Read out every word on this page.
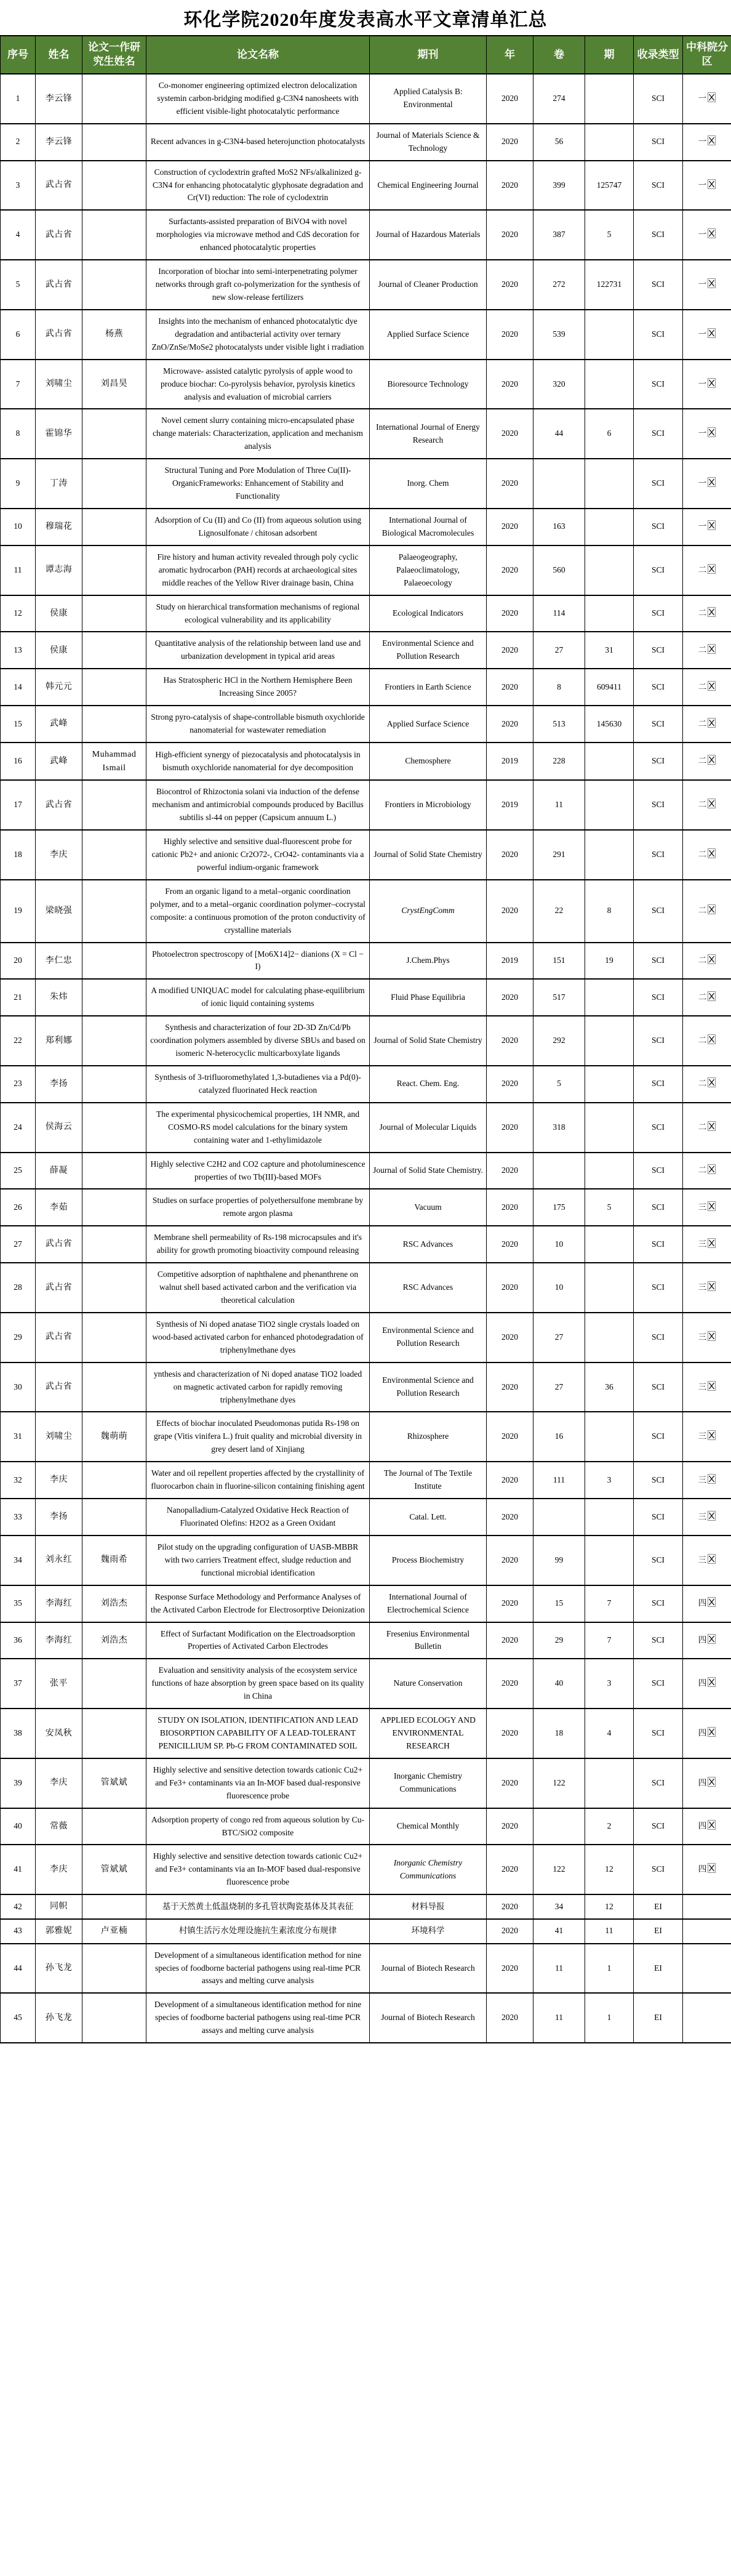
环化学院2020年度发表高水平文章清单汇总
序号	姓名	论文一作研究生姓名	论文名称	期刊	年	卷	期	收录类型	中科院分区
1	李云锋		Co-monomer engineering optimized electron delocalization systemin carbon-bridging modified g-C3N4 nanosheets with efficient visible-light photocatalytic performance	Applied Catalysis B: Environmental	2020	274		SCI	一
2	李云锋		Recent advances in g-C3N4-based heterojunction photocatalysts	Journal of Materials Science & Technology	2020	56		SCI	一
3	武占省		Construction of cyclodextrin grafted MoS2 NFs/alkalinized g-C3N4 for enhancing photocatalytic glyphosate degradation and Cr(VI) reduction: The role of cyclodextrin	Chemical Engineering Journal	2020	399	125747	SCI	一
4	武占省		Surfactants-assisted preparation of BiVO4 with novel morphologies via microwave method and CdS decoration for enhanced photocatalytic properties	Journal of Hazardous Materials	2020	387	5	SCI	一
5	武占省		Incorporation of biochar into semi-interpenetrating polymer networks through graft co-polymerization for the synthesis of new slow-release fertilizers	Journal of Cleaner Production	2020	272	122731	SCI	一
6	武占省	杨燕	Insights into the mechanism of enhanced photocatalytic dye degradation and antibacterial activity over ternary ZnO/ZnSe/MoSe2 photocatalysts under visible light i rradiation	Applied Surface Science	2020	539		SCI	一
7	刘啸尘	刘昌昊	Microwave- assisted catalytic pyrolysis of apple wood to produce biochar: Co-pyrolysis behavior, pyrolysis kinetics analysis and evaluation of microbial carriers	Bioresource Technology	2020	320		SCI	一
8	霍锦华		Novel cement slurry containing micro-encapsulated phase change materials: Characterization, application and mechanism analysis	International Journal of Energy Research	2020	44	6	SCI	一
9	丁涛		Structural Tuning and Pore Modulation of Three Cu(II)-OrganicFrameworks: Enhancement of Stability and Functionality	Inorg. Chem	2020			SCI	一
10	穆瑞花		Adsorption of Cu (II) and Co (II) from aqueous solution using Lignosulfonate / chitosan adsorbent	International Journal of Biological Macromolecules	2020	163		SCI	一
11	谭志海		Fire history and human activity revealed through poly cyclic aromatic hydrocarbon (PAH) records at archaeological sites middle reaches of the Yellow River drainage basin, China	Palaeogeography, Palaeoclimatology, Palaeoecology	2020	560		SCI	二
12	侯康		Study on hierarchical transformation mechanisms of regional ecological vulnerability and its applicability	Ecological Indicators	2020	114		SCI	二
13	侯康		Quantitative analysis of the relationship between land use and urbanization development in typical arid areas	Environmental Science and Pollution Research	2020	27	31	SCI	二
14	韩元元		Has Stratospheric HCl in the Northern Hemisphere Been Increasing Since 2005?	Frontiers in Earth Science	2020	8	609411	SCI	二
15	武峰		Strong pyro-catalysis of shape-controllable bismuth oxychloride nanomaterial for wastewater remediation	Applied Surface Science	2020	513	145630	SCI	二
16	武峰	Muhammad Ismail	High-efficient synergy of piezocatalysis and photocatalysis in bismuth oxychloride nanomaterial for dye decomposition	Chemosphere	2019	228		SCI	二
17	武占省		Biocontrol of Rhizoctonia solani via induction of the defense mechanism and antimicrobial compounds produced by Bacillus subtilis sl-44 on pepper (Capsicum annuum L.)	Frontiers in Microbiology	2019	11		SCI	二
18	李庆		Highly selective and sensitive dual-fluorescent probe for cationic Pb2+ and anionic Cr2O72-, CrO42- contaminants via a powerful indium-organic framework	Journal of Solid State Chemistry	2020	291		SCI	二
19	梁晓强		From an organic ligand to a metal–organic coordination polymer, and to a metal–organic coordination polymer–cocrystal composite: a continuous promotion of the proton conductivity of crystalline materials	CrystEngComm	2020	22	8	SCI	二
20	李仁忠		Photoelectron spectroscopy of [Mo6X14]2− dianions (X = Cl − I)	J.Chem.Phys	2019	151	19	SCI	二
21	朱炜		A modified UNIQUAC model for calculating phase-equilibrium of ionic liquid containing systems	Fluid Phase Equilibria	2020	517		SCI	二
22	郑利娜		Synthesis and characterization of four 2D-3D Zn/Cd/Pb coordination polymers assembled by diverse SBUs and based on isomeric N-heterocyclic multicarboxylate ligands	Journal of Solid State Chemistry	2020	292		SCI	二
23	李扬		Synthesis of 3-trifluoromethylated 1,3-butadienes via a Pd(0)-catalyzed fluorinated Heck reaction	React. Chem. Eng.	2020	5		SCI	二
24	侯海云		The experimental physicochemical properties, 1H NMR, and COSMO-RS model calculations for the binary system containing water and 1-ethylimidazole	Journal of Molecular Liquids	2020	318		SCI	二
25	薛凝		Highly selective C2H2 and CO2 capture and photoluminescence properties of two Tb(III)-based MOFs	Journal of Solid State Chemistry.	2020			SCI	二
26	李茹		Studies on surface properties of polyethersulfone membrane by remote argon plasma	Vacuum	2020	175	5	SCI	三
27	武占省		Membrane shell permeability of Rs-198 microcapsules and it's ability for growth promoting bioactivity compound releasing	RSC Advances	2020	10		SCI	三
28	武占省		Competitive adsorption of naphthalene and phenanthrene on walnut shell based activated carbon and the verification via theoretical calculation	RSC Advances	2020	10		SCI	三
29	武占省		Synthesis of Ni doped anatase TiO2 single crystals loaded on wood-based activated carbon for enhanced photodegradation of triphenylmethane dyes	Environmental Science and Pollution Research	2020	27		SCI	三
30	武占省		ynthesis and characterization of Ni doped anatase TiO2 loaded on magnetic activated carbon for rapidly removing triphenylmethane dyes	Environmental Science and Pollution Research	2020	27	36	SCI	三
31	刘啸尘	魏萌萌	Effects of biochar inoculated Pseudomonas putida Rs-198 on grape (Vitis vinifera L.) fruit quality and microbial diversity in grey desert land of Xinjiang	Rhizosphere	2020	16		SCI	三
32	李庆		Water and oil repellent properties affected by the crystallinity of fluorocarbon chain in fluorine-silicon containing finishing agent	The Journal of The Textile Institute	2020	111	3	SCI	三
33	李扬		Nanopalladium-Catalyzed Oxidative Heck Reaction of Fluorinated Olefins: H2O2 as a Green Oxidant	Catal. Lett.	2020			SCI	三
34	刘永红	魏雨希	Pilot study on the upgrading configuration of UASB-MBBR with two carriers Treatment effect, sludge reduction and functional microbial identification	Process Biochemistry	2020	99		SCI	三
35	李海红	刘浩杰	Response Surface Methodology and Performance Analyses of the Activated Carbon Electrode for Electrosorptive Deionization	International Journal of Electrochemical Science	2020	15	7	SCI	四
36	李海红	刘浩杰	Effect of Surfactant Modification on the Electroadsorption Properties of Activated Carbon Electrodes	Fresenius Environmental Bulletin	2020	29	7	SCI	四
37	张平		Evaluation and sensitivity analysis of the ecosystem service functions of haze absorption by green space based on its quality in China	Nature Conservation	2020	40	3	SCI	四
38	安凤秋		STUDY ON ISOLATION, IDENTIFICATION AND LEAD BIOSORPTION CAPABILITY OF A LEAD-TOLERANT PENICILLIUM SP. Pb-G FROM CONTAMINATED SOIL	APPLIED ECOLOGY AND ENVIRONMENTAL RESEARCH	2020	18	4	SCI	四
39	李庆	管斌斌	Highly selective and sensitive detection towards cationic Cu2+ and Fe3+ contaminants via an In-MOF based dual-responsive fluorescence probe	Inorganic Chemistry Communications	2020	122		SCI	四
40	常薇		Adsorption property of congo red from aqueous solution by Cu-BTC/SiO2 composite	Chemical Monthly	2020		2	SCI	四
41	李庆	管斌斌	Highly selective and sensitive detection towards cationic Cu2+ and Fe3+ contaminants via an In-MOF based dual-responsive fluorescence probe	Inorganic Chemistry Communications	2020	122	12	SCI	四
42	同帜		基于天然黄土低温烧制的多孔管状陶瓷基体及其表征	材料导报	2020	34	12	EI	
43	郭雅妮	卢亚楠	村镇生活污水处理设施抗生素浓度分布规律	环境科学	2020	41	11	EI	
44	孙飞龙		Development of a simultaneous identification method for nine species of foodborne bacterial pathogens using real-time PCR assays and melting curve analysis	Journal of Biotech Research	2020	11	1	EI	
45	孙飞龙		Development of a simultaneous identification method for nine species of foodborne bacterial pathogens using real-time PCR assays and melting curve analysis	Journal of Biotech Research	2020	11	1	EI	
